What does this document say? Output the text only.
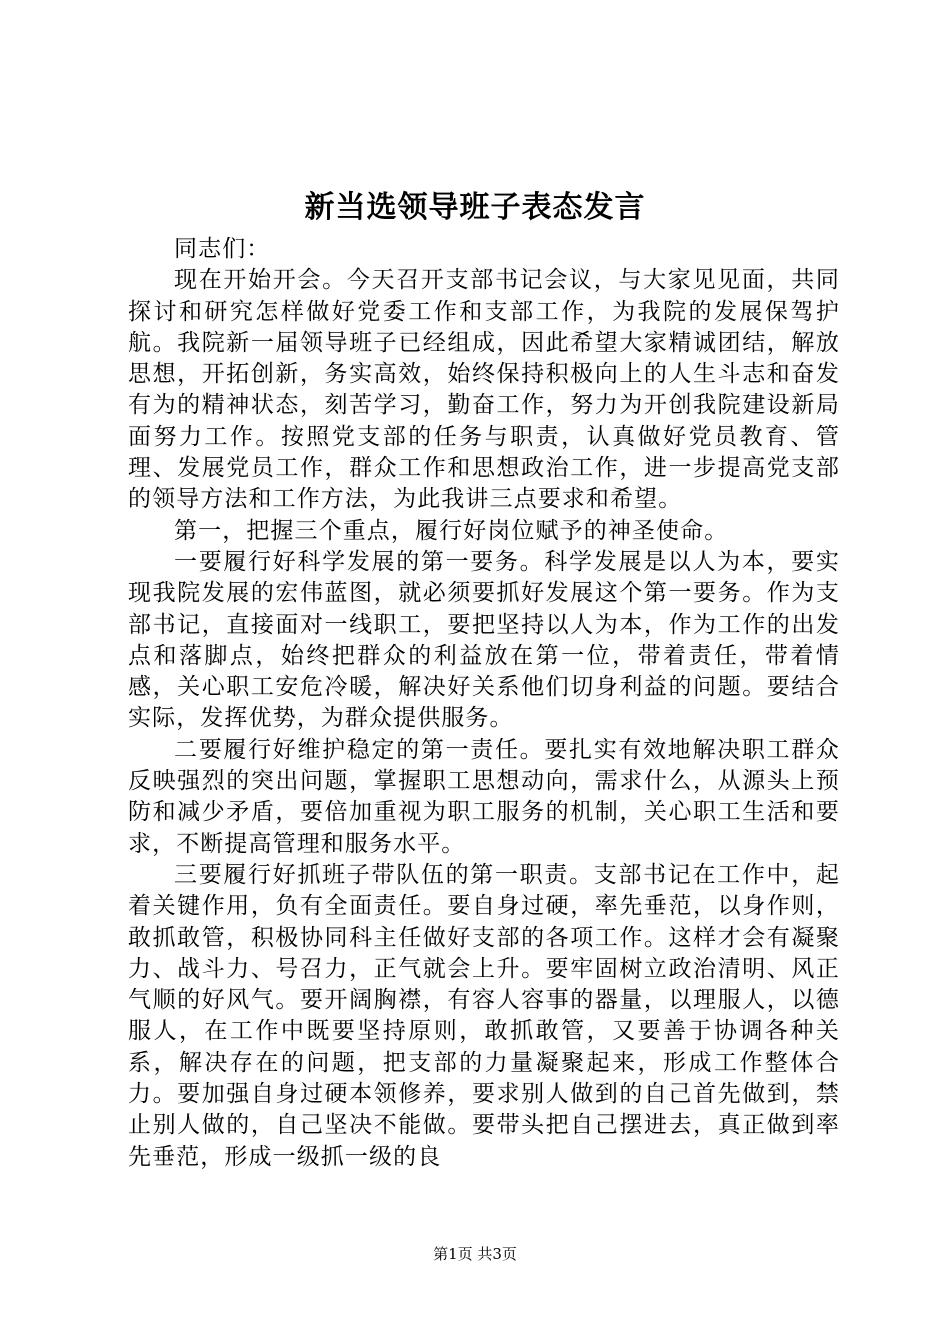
新当选领导班子表态发言

同志们：

现在开始开会。今天召开支部书记会议，与大家见见面，共同探讨和研究怎样做好党委工作和支部工作，为我院的发展保驾护航。我院新一届领导班子已经组成，因此希望大家精诚团结，解放思想，开拓创新，务实高效，始终保持积极向上的人生斗志和奋发有为的精神状态，刻苦学习，勤奋工作，努力为开创我院建设新局面努力工作。按照党支部的任务与职责，认真做好党员教育、管理、发展党员工作，群众工作和思想政治工作，进一步提高党支部的领导方法和工作方法，为此我讲三点要求和希望。

第一，把握三个重点，履行好岗位赋予的神圣使命。

一要履行好科学发展的第一要务。科学发展是以人为本，要实现我院发展的宏伟蓝图，就必须要抓好发展这个第一要务。作为支部书记，直接面对一线职工，要把坚持以人为本，作为工作的出发点和落脚点，始终把群众的利益放在第一位，带着责任，带着情感，关心职工安危冷暖，解决好关系他们切身利益的问题。要结合实际，发挥优势，为群众提供服务。

二要履行好维护稳定的第一责任。要扎实有效地解决职工群众反映强烈的突出问题，掌握职工思想动向，需求什么，从源头上预防和减少矛盾，要倍加重视为职工服务的机制，关心职工生活和要求，不断提高管理和服务水平。

三要履行好抓班子带队伍的第一职责。支部书记在工作中，起着关键作用，负有全面责任。要自身过硬，率先垂范，以身作则，敢抓敢管，积极协同科主任做好支部的各项工作。这样才会有凝聚力、战斗力、号召力，正气就会上升。要牢固树立政治清明、风正气顺的好风气。要开阔胸襟，有容人容事的器量，以理服人，以德服人，在工作中既要坚持原则，敢抓敢管，又要善于协调各种关系，解决存在的问题，把支部的力量凝聚起来，形成工作整体合力。要加强自身过硬本领修养，要求别人做到的自己首先做到，禁止别人做的，自己坚决不能做。要带头把自己摆进去，真正做到率先垂范，形成一级抓一级的良

第1页 共3页
